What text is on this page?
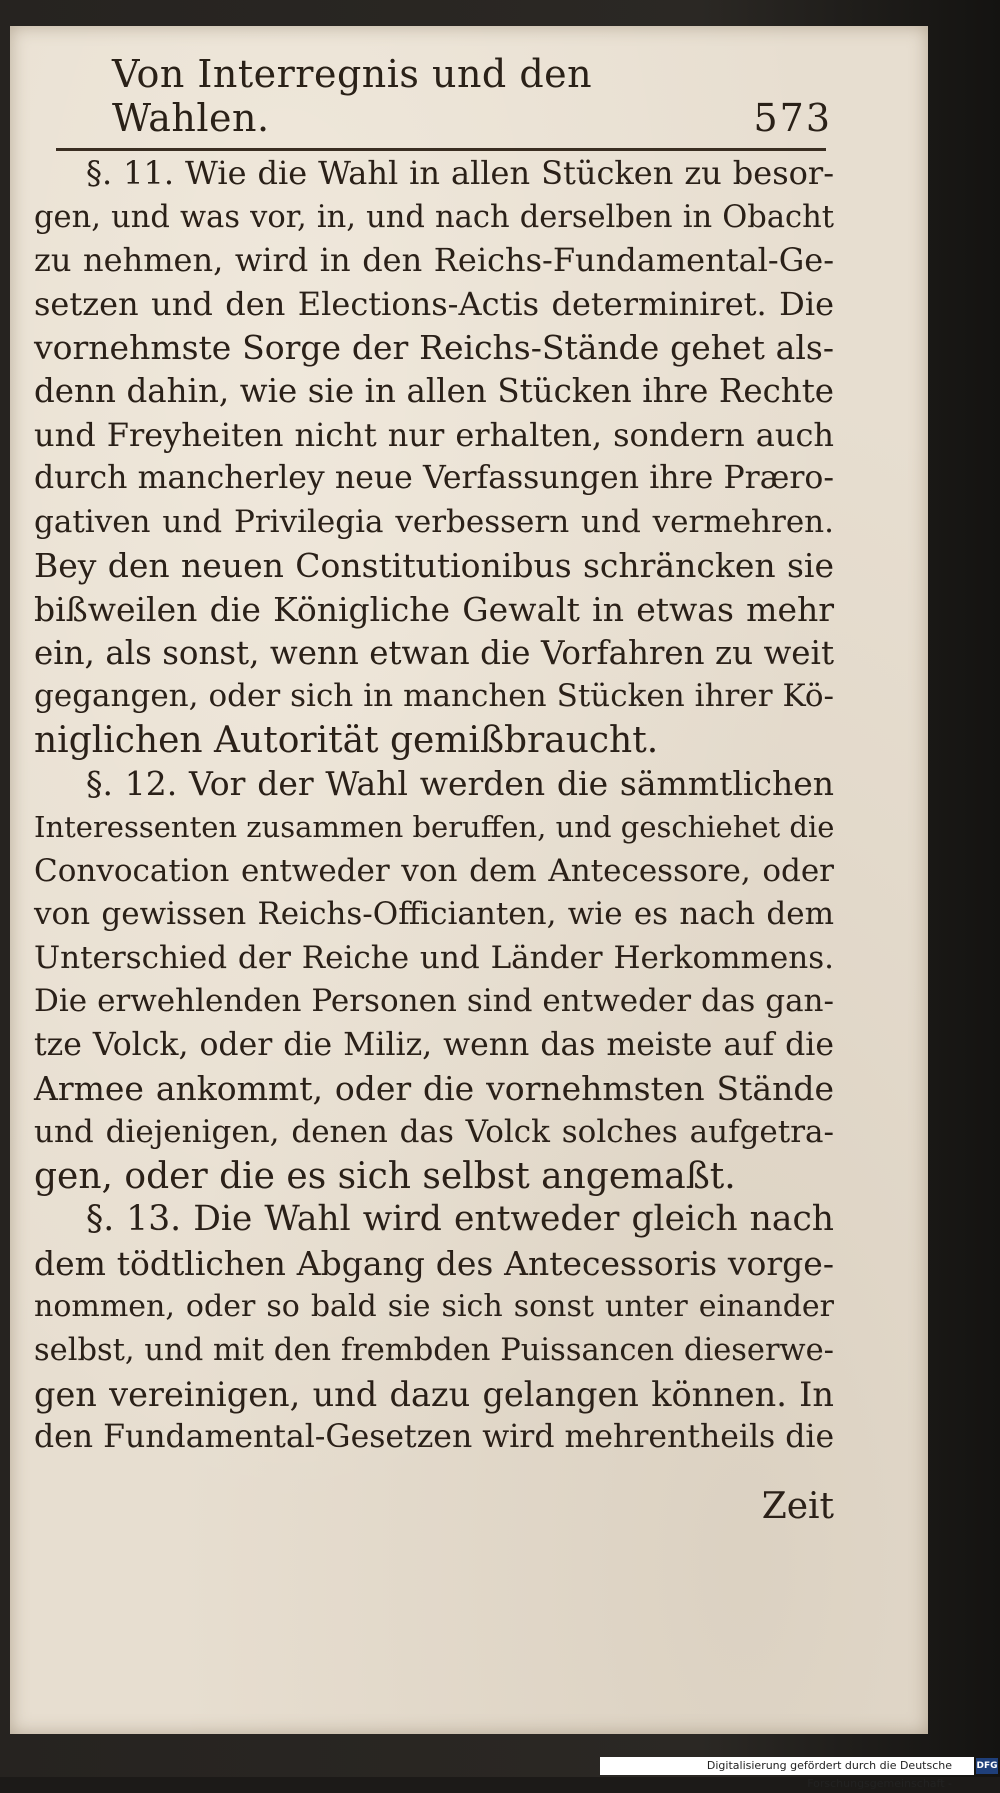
Von Interregnis und den Wahlen.	573
§. 11. Wie die Wahl in allen Stücken zu besor-
gen, und was vor, in, und nach derselben in Obacht
zu nehmen, wird in den Reichs-Fundamental-Ge-
setzen und den Elections-Actis determiniret. Die
vornehmste Sorge der Reichs-Stände gehet als-
denn dahin, wie sie in allen Stücken ihre Rechte
und Freyheiten nicht nur erhalten, sondern auch
durch mancherley neue Verfassungen ihre Præro-
gativen und Privilegia verbessern und vermehren.
Bey den neuen Constitutionibus schräncken sie
bißweilen die Königliche Gewalt in etwas mehr
ein, als sonst, wenn etwan die Vorfahren zu weit
gegangen, oder sich in manchen Stücken ihrer Kö-
niglichen Autorität gemißbraucht.
§. 12. Vor der Wahl werden die sämmtlichen
Interessenten zusammen beruffen, und geschiehet die
Convocation entweder von dem Antecessore, oder
von gewissen Reichs-Officianten, wie es nach dem
Unterschied der Reiche und Länder Herkommens.
Die erwehlenden Personen sind entweder das gan-
tze Volck, oder die Miliz, wenn das meiste auf die
Armee ankommt, oder die vornehmsten Stände
und diejenigen, denen das Volck solches aufgetra-
gen, oder die es sich selbst angemaßt.
§. 13. Die Wahl wird entweder gleich nach
dem tödtlichen Abgang des Antecessoris vorge-
nommen, oder so bald sie sich sonst unter einander
selbst, und mit den frembden Puissancen dieserwe-
gen vereinigen, und dazu gelangen können. In
den Fundamental-Gesetzen wird mehrentheils die
Zeit
Digitalisierung gefördert durch die Deutsche Forschungsgemeinschaft -
DFG
